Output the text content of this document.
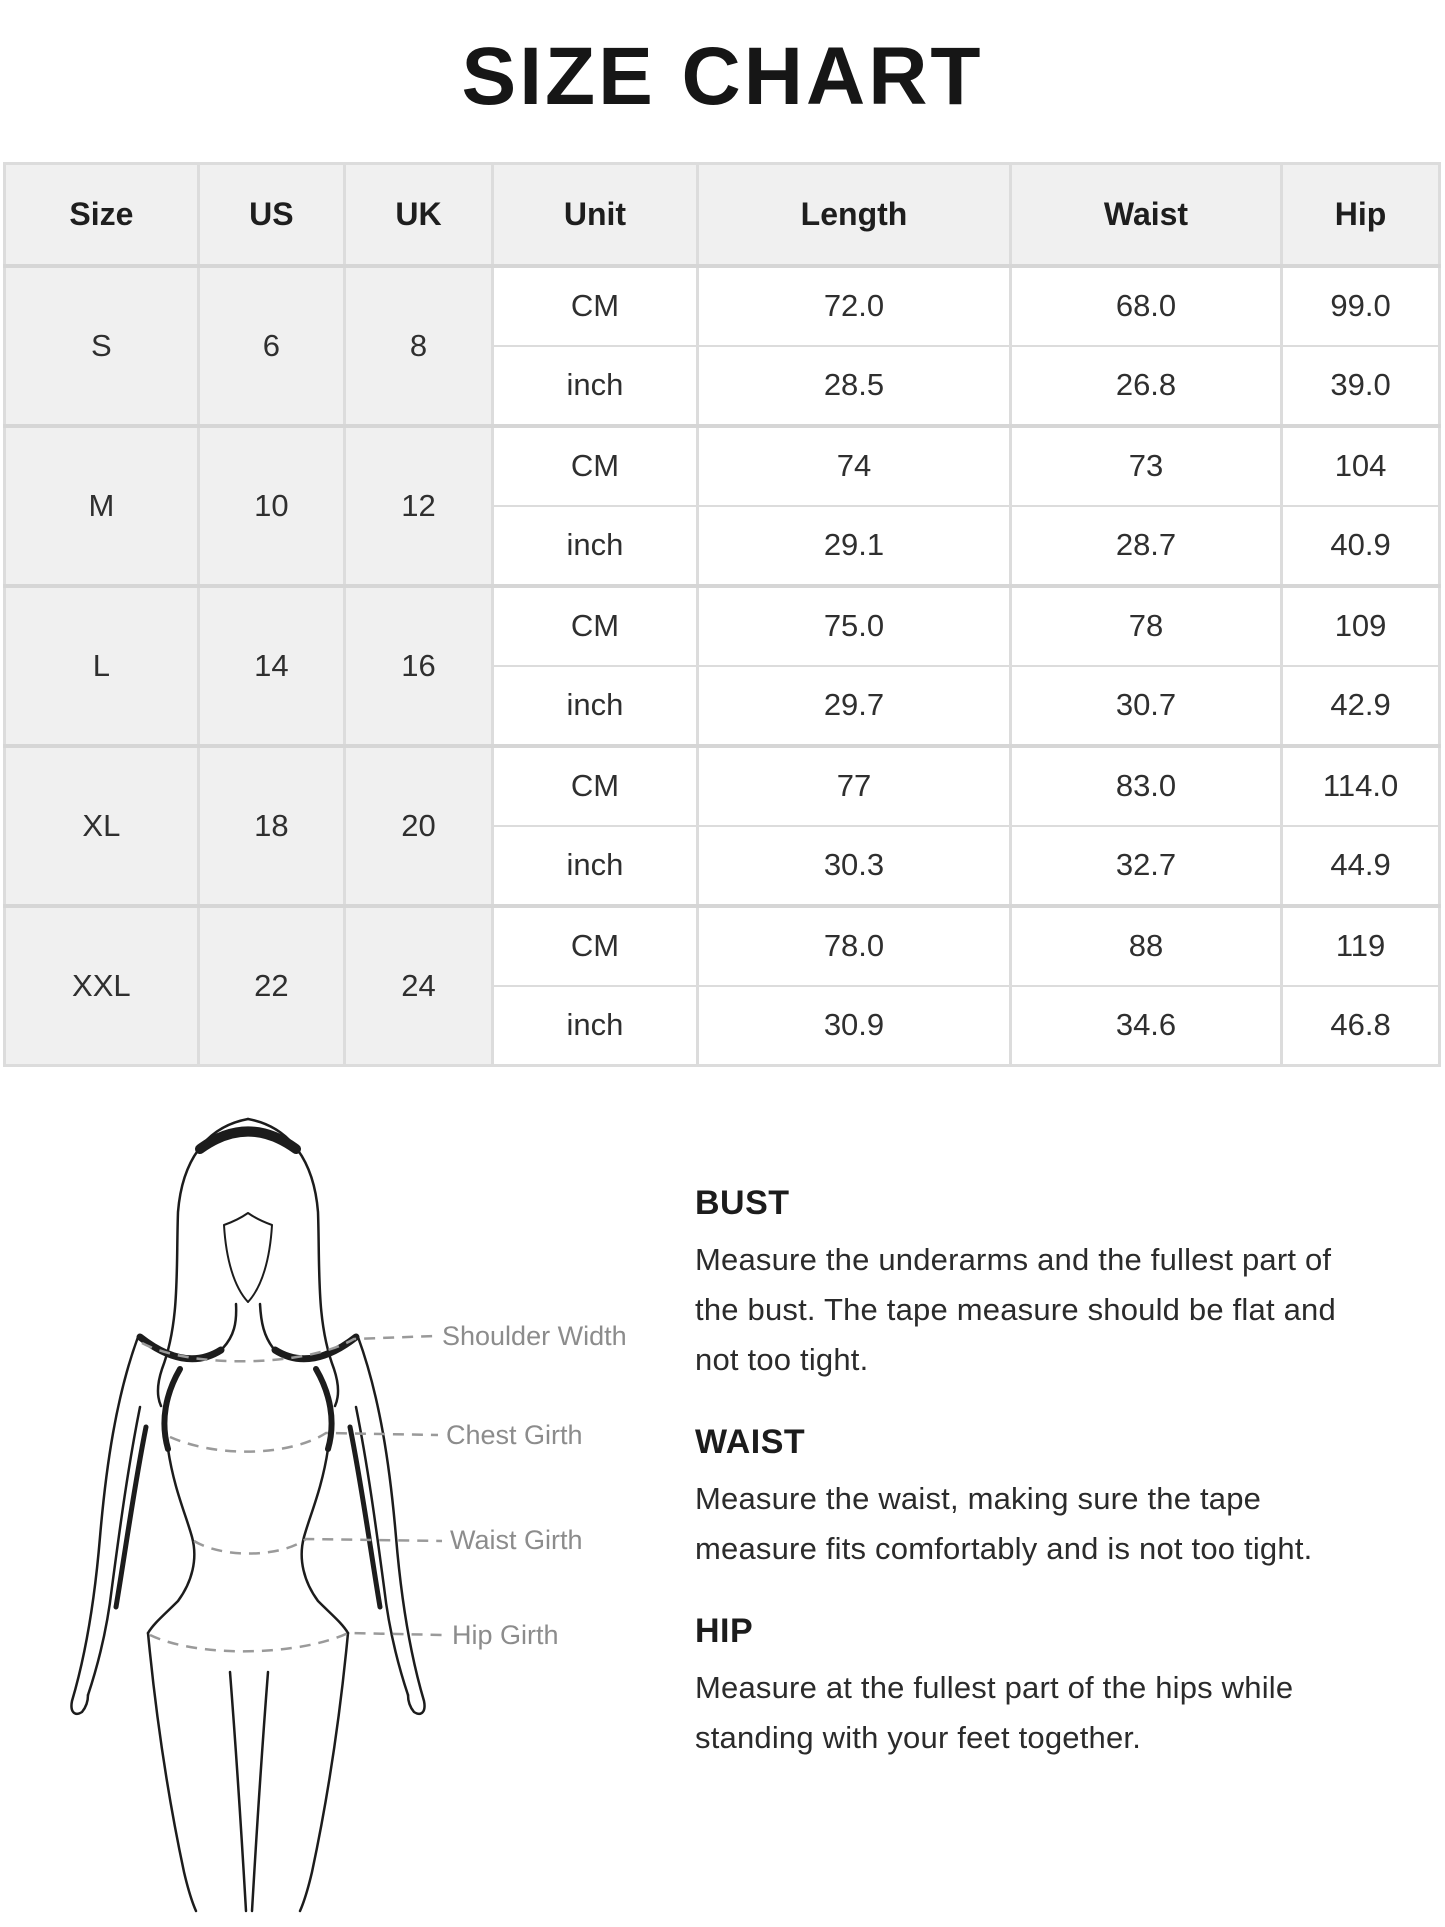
SIZE CHART
Size	US	UK	Unit	Length	Waist	Hip
S	6	8	CM	72.0	68.0	99.0
			inch	28.5	26.8	39.0
M	10	12	CM	74	73	104
			inch	29.1	28.7	40.9
L	14	16	CM	75.0	78	109
			inch	29.7	30.7	42.9
XL	18	20	CM	77	83.0	114.0
			inch	30.3	32.7	44.9
XXL	22	24	CM	78.0	88	119
			inch	30.9	34.6	46.8
Shoulder Width
Chest Girth
Waist Girth
Hip Girth
BUST

Measure the underarms and the fullest part of the bust. The tape measure should be flat and not too tight.

WAIST

Measure the waist, making sure the tape measure fits comfortably and is not too tight.

HIP

Measure at the fullest part of the hips while standing with your feet together.
